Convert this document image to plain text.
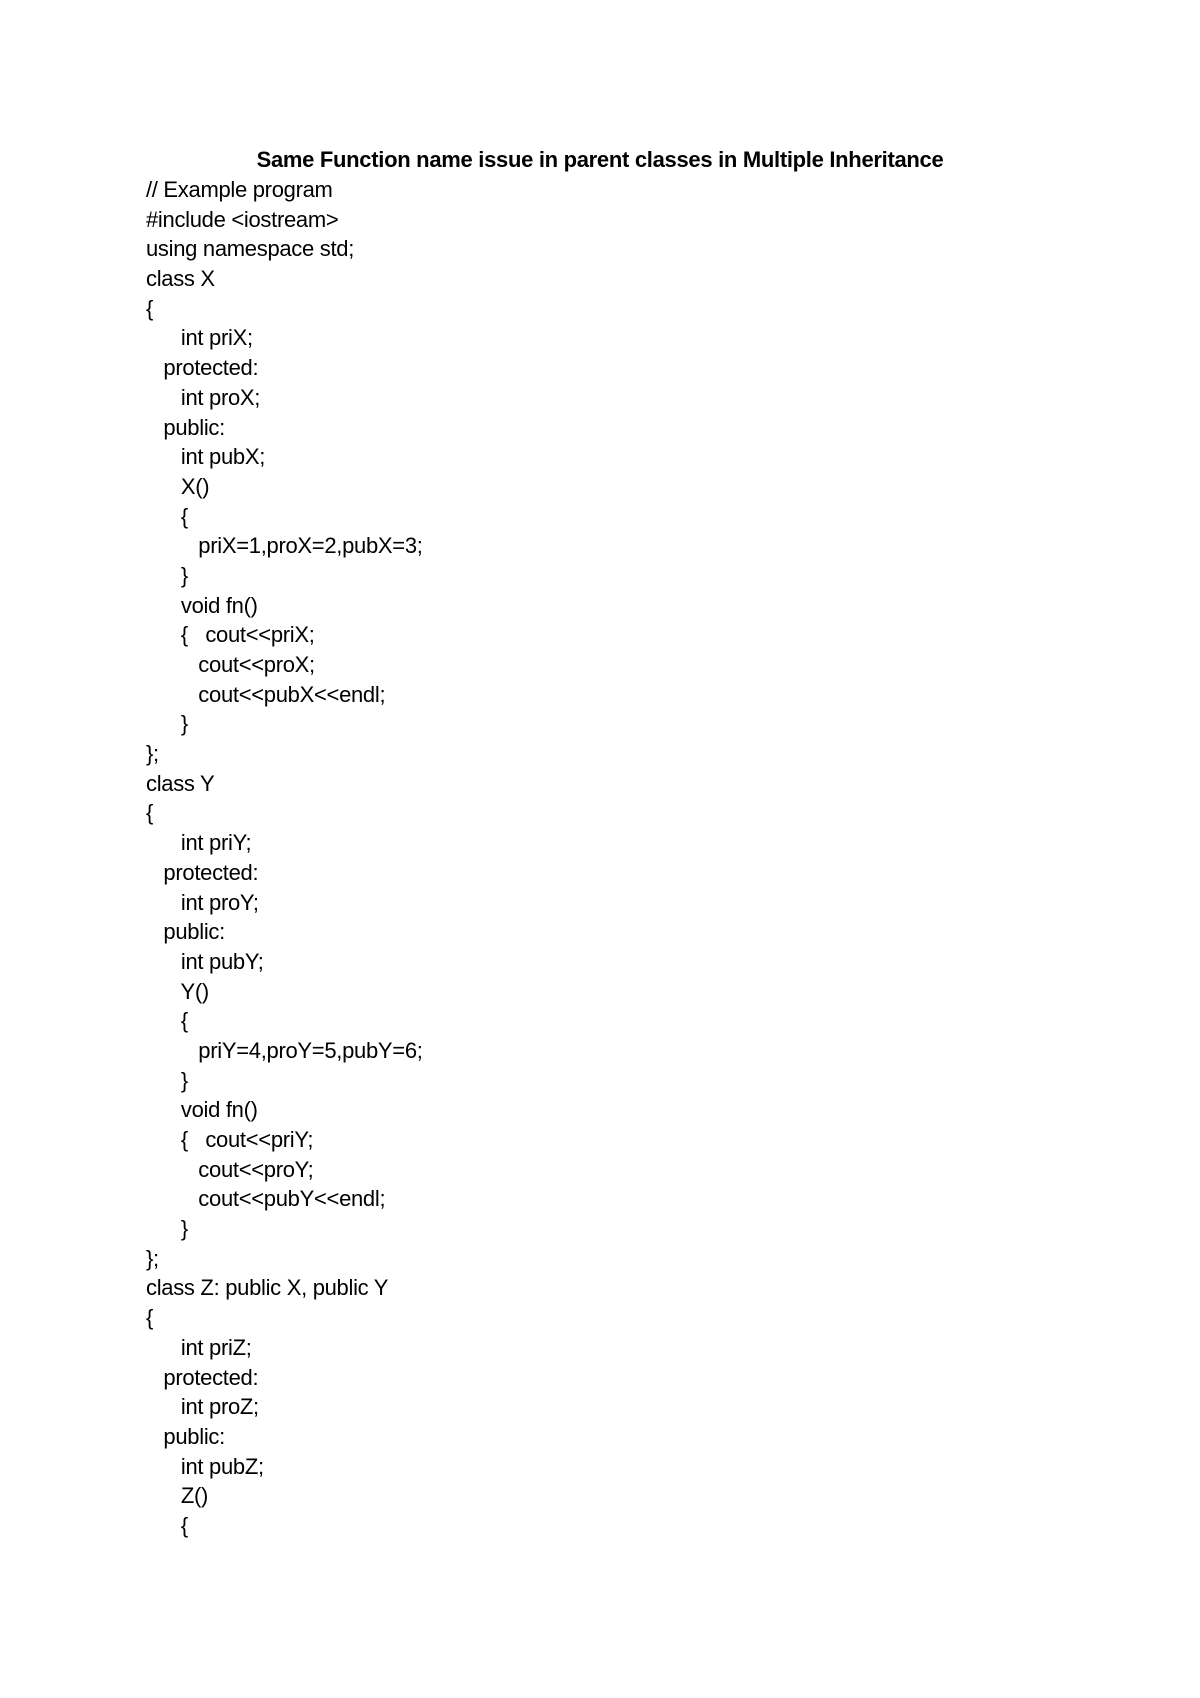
Same Function name issue in parent classes in Multiple Inheritance
// Example program
#include <iostream>
using namespace std;
class X
{
int priX;
protected:
int proX;
public:
int pubX;
X()
{
priX=1,proX=2,pubX=3;
}
void fn()
{   cout<<priX;
cout<<proX;
cout<<pubX<<endl;
}
};
class Y
{
int priY;
protected:
int proY;
public:
int pubY;
Y()
{
priY=4,proY=5,pubY=6;
}
void fn()
{   cout<<priY;
cout<<proY;
cout<<pubY<<endl;
}
};
class Z: public X, public Y
{
int priZ;
protected:
int proZ;
public:
int pubZ;
Z()
{
